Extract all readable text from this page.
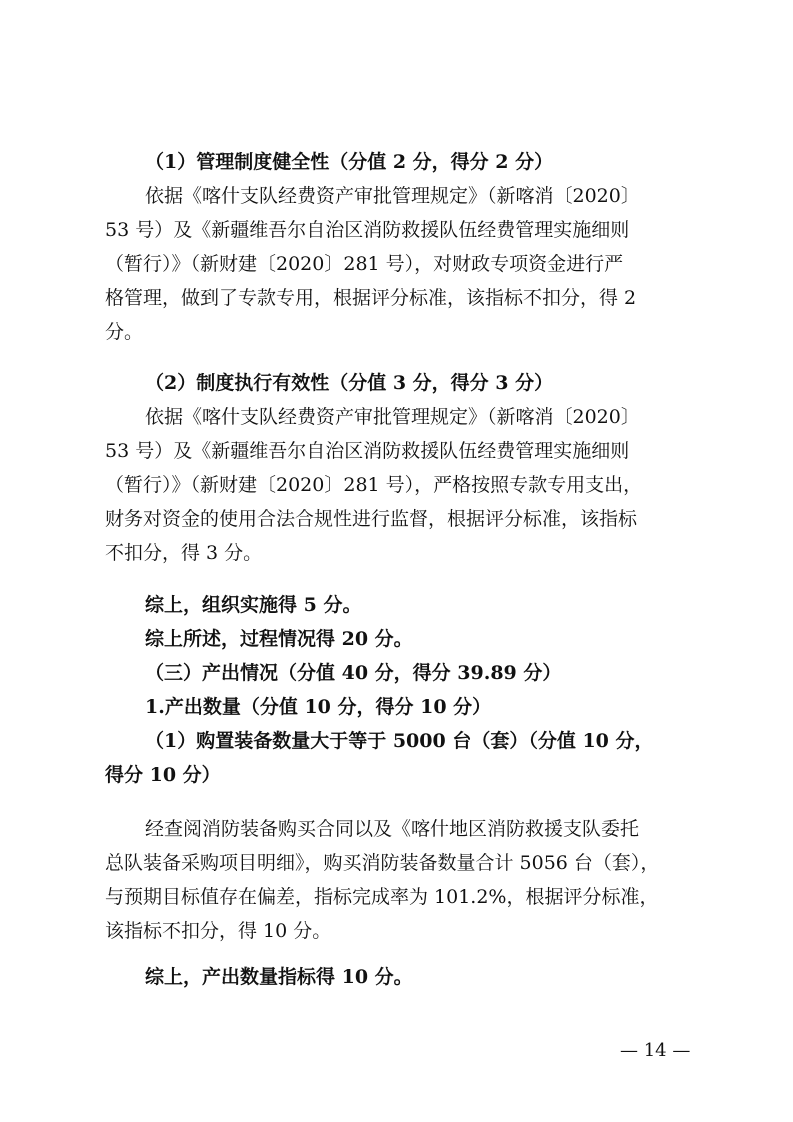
（1）管理制度健全性（分值 2 分，得分 2 分）
依据《喀什支队经费资产审批管理规定》（新喀消〔2020〕
53 号）及《新疆维吾尔自治区消防救援队伍经费管理实施细则
（暂行）》（新财建〔2020〕281 号），对财政专项资金进行严
格管理，做到了专款专用，根据评分标准，该指标不扣分，得 2
分。
（2）制度执行有效性（分值 3 分，得分 3 分）
依据《喀什支队经费资产审批管理规定》（新喀消〔2020〕
53 号）及《新疆维吾尔自治区消防救援队伍经费管理实施细则
（暂行）》（新财建〔2020〕281 号），严格按照专款专用支出，
财务对资金的使用合法合规性进行监督，根据评分标准，该指标
不扣分，得 3 分。
综上，组织实施得 5 分。
综上所述，过程情况得 20 分。
（三）产出情况（分值 40 分，得分 39.89 分）
1.产出数量（分值 10 分，得分 10 分）
（1）购置装备数量大于等于 5000 台（套）（分值 10 分，
得分 10 分）
经查阅消防装备购买合同以及《喀什地区消防救援支队委托
总队装备采购项目明细》，购买消防装备数量合计 5056 台（套），
与预期目标值存在偏差，指标完成率为 101.2%，根据评分标准，
该指标不扣分，得 10 分。
综上，产出数量指标得 10 分。
— 14 —
